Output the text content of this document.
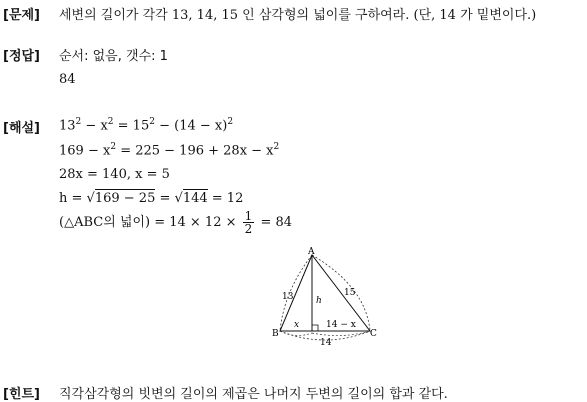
[문제] 세변의 길이가 각각 13, 14, 15 인 삼각형의 넓이를 구하여라. (단, 14 가 밑변이다.)
[정답] 순서: 없음, 갯수: 1
84
[해설] $13^2 - x^2 = 15^2 - (14 - x)^2$
$169 - x^2 = 225 - 196 + 28x - x^2$
28x = 140, x = 5
h = √169 − 25 = √144 = 12
(△ABC의 넓이) = $14 \times 12 \times \frac{1}{2} = 84$
A
B	C
13	15
14
h
x	14 − x
[힌트] 직각삼각형의 빗변의 길이의 제곱은 나머지 두변의 길이의 합과 같다.
